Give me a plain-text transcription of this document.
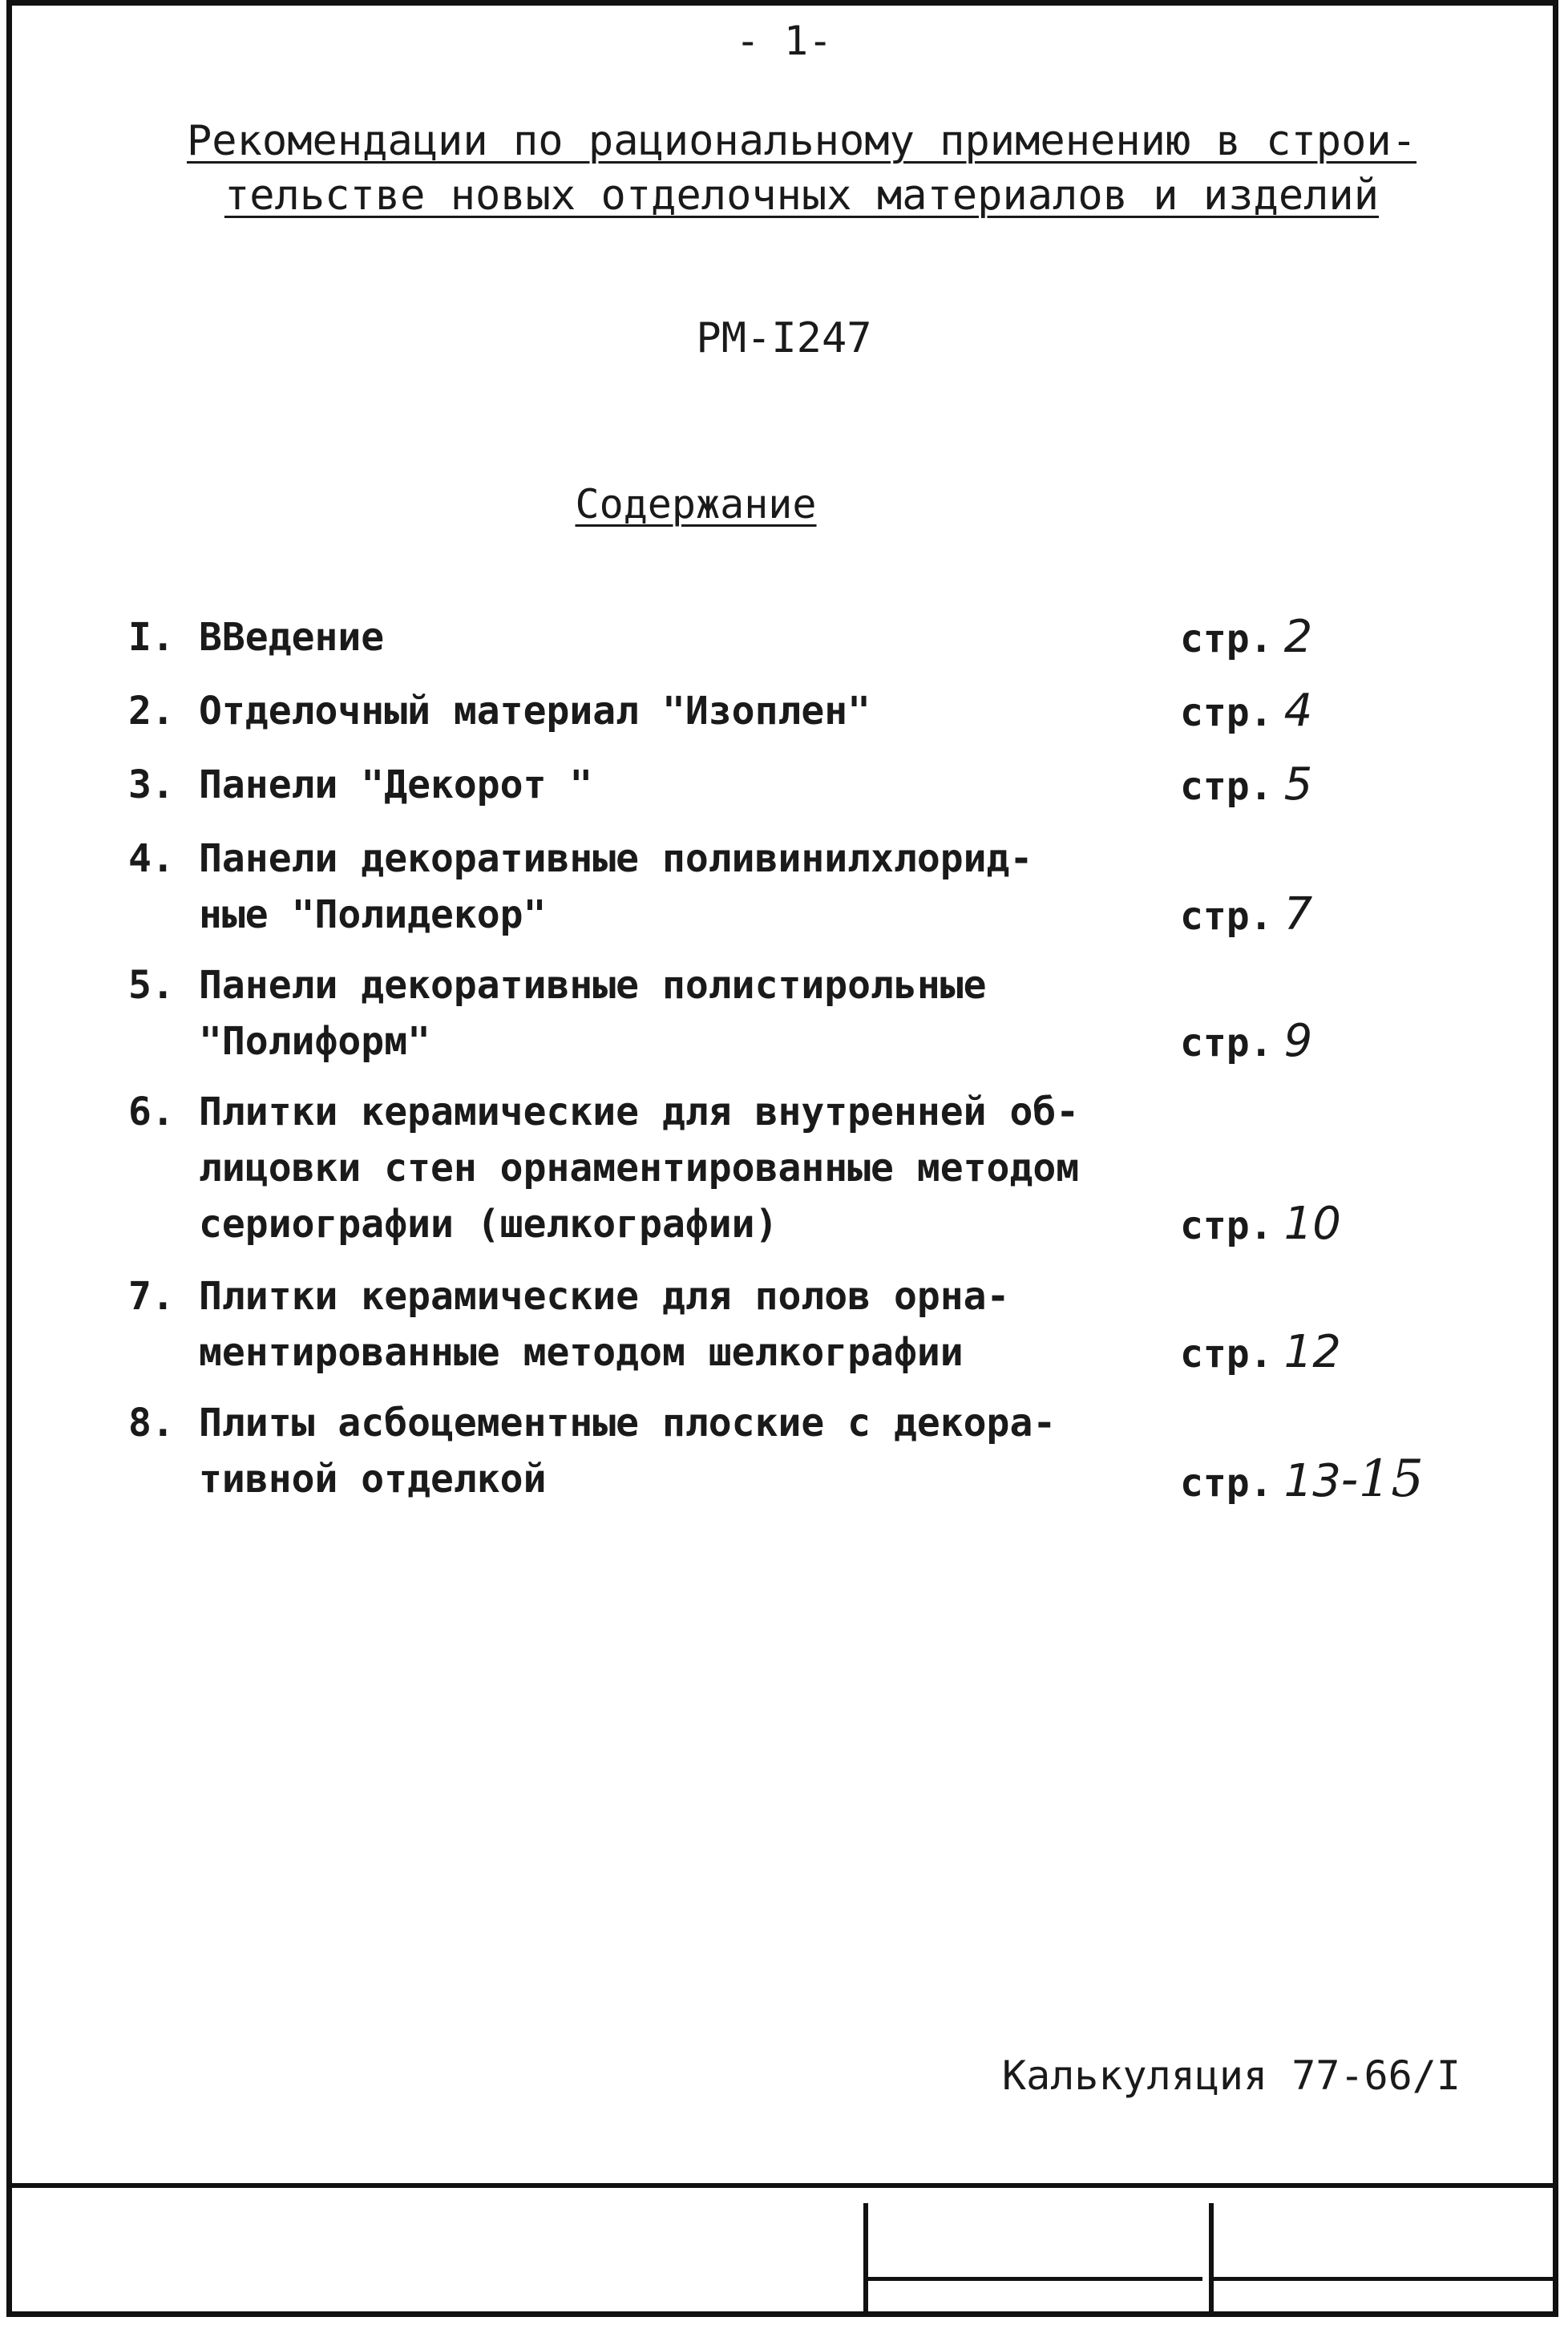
- 1-
Рекомендации по рациональному применению в строи-
тельстве новых отделочных материалов и изделий
РМ-I247
Содержание
I. ВВедение	стр. 2
2. Отделочный материал "Изоплен"	стр. 4
3. Панели "Декорот "	стр. 5
4. Панели декоративные поливинилхлорид-
ные "Полидекор"	стр. 7
5. Панели декоративные полистирольные
"Полиформ"	стр. 9
6. Плитки керамические для внутренней об-
лицовки стен орнаментированные методом
сериографии (шелкографии)	стр. 10
7. Плитки керамические для полов орна-
ментированные методом шелкографии	стр. 12
8. Плиты асбоцементные плоские с декора-
тивной отделкой	стр. 13-15
Калькуляция 77-66/I
